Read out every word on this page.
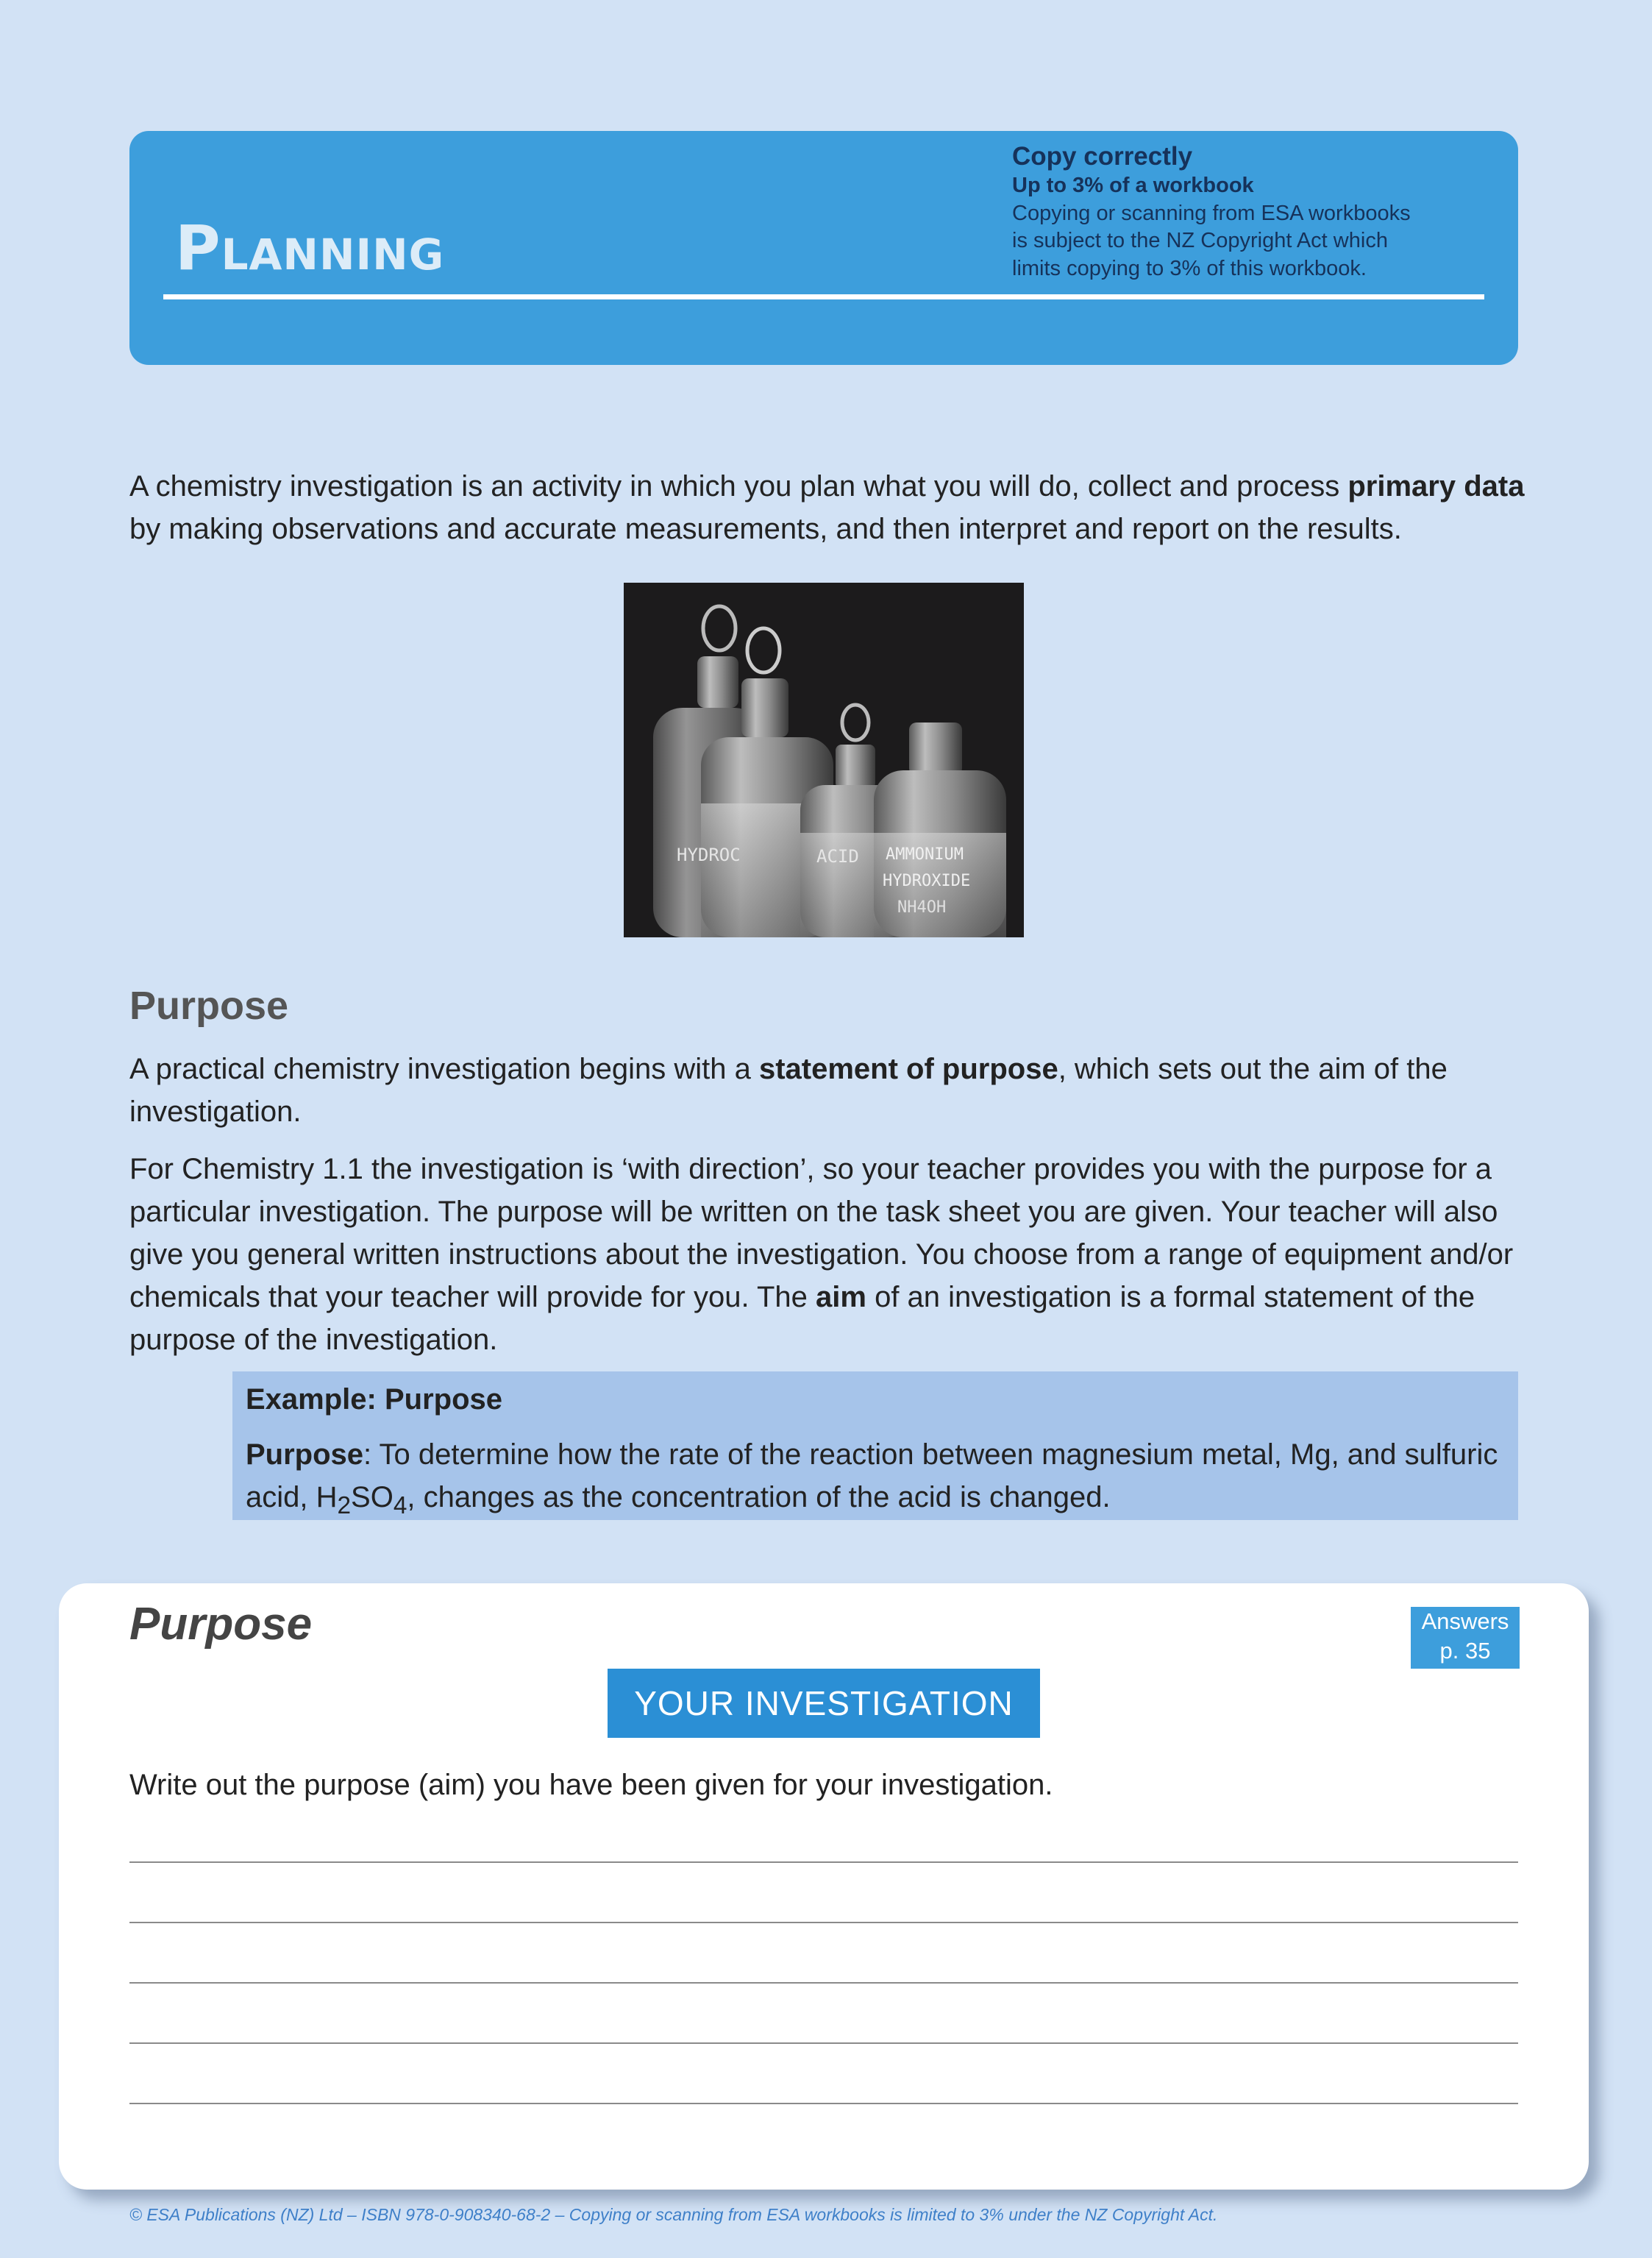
PLANNING
Copy correctly
Up to 3% of a workbook
Copying or scanning from ESA workbooks
is subject to the NZ Copyright Act which
limits copying to 3% of this workbook.
A chemistry investigation is an activity in which you plan what you will do, collect and process primary data by making observations and accurate measurements, and then interpret and report on the results.
HYDROC	ACID AMMONIUM
HYDROXIDE
NH4OH
Purpose
A practical chemistry investigation begins with a statement of purpose, which sets out the aim of the investigation.
For Chemistry 1.1 the investigation is ‘with direction’, so your teacher provides you with the purpose for a particular investigation. The purpose will be written on the task sheet you are given. Your teacher will also give you general written instructions about the investigation. You choose from a range of equipment and/or chemicals that your teacher will provide for you. The aim of an investigation is a formal statement of the purpose of the investigation.
Example: Purpose
Purpose: To determine how the rate of the reaction between magnesium metal, Mg, and sulfuric acid, $H_2SO_4$, changes as the concentration of the acid is changed.
Purpose	Answers
p. 35
YOUR INVESTIGATION
Write out the purpose (aim) you have been given for your investigation.
© ESA Publications (NZ) Ltd – ISBN 978-0-908340-68-2 – Copying or scanning from ESA workbooks is limited to 3% under the NZ Copyright Act.
